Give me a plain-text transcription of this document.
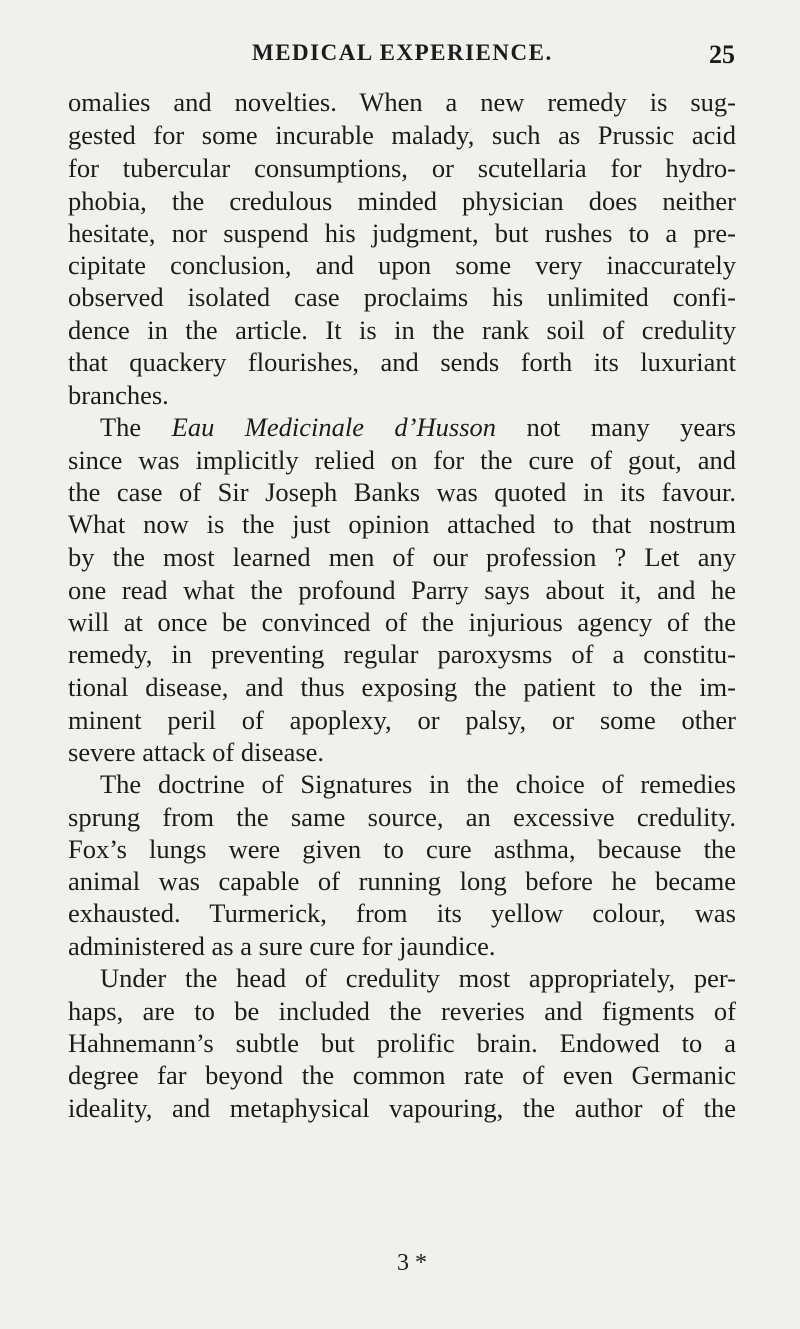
MEDICAL EXPERIENCE.	25
omalies and novelties. When a new remedy is sug-
gested for some incurable malady, such as Prussic acid
for tubercular consumptions, or scutellaria for hydro-
phobia, the credulous minded physician does neither
hesitate, nor suspend his judgment, but rushes to a pre-
cipitate conclusion, and upon some very inaccurately
observed isolated case proclaims his unlimited confi-
dence in the article. It is in the rank soil of credulity
that quackery flourishes, and sends forth its luxuriant
branches.
The Eau Medicinale d’Husson not many years
since was implicitly relied on for the cure of gout, and
the case of Sir Joseph Banks was quoted in its favour.
What now is the just opinion attached to that nostrum
by the most learned men of our profession ? Let any
one read what the profound Parry says about it, and he
will at once be convinced of the injurious agency of the
remedy, in preventing regular paroxysms of a constitu-
tional disease, and thus exposing the patient to the im-
minent peril of apoplexy, or palsy, or some other
severe attack of disease.
The doctrine of Signatures in the choice of remedies
sprung from the same source, an excessive credulity.
Fox’s lungs were given to cure asthma, because the
animal was capable of running long before he became
exhausted. Turmerick, from its yellow colour, was
administered as a sure cure for jaundice.
Under the head of credulity most appropriately, per-
haps, are to be included the reveries and figments of
Hahnemann’s subtle but prolific brain. Endowed to a
degree far beyond the common rate of even Germanic
ideality, and metaphysical vapouring, the author of the
3 *
